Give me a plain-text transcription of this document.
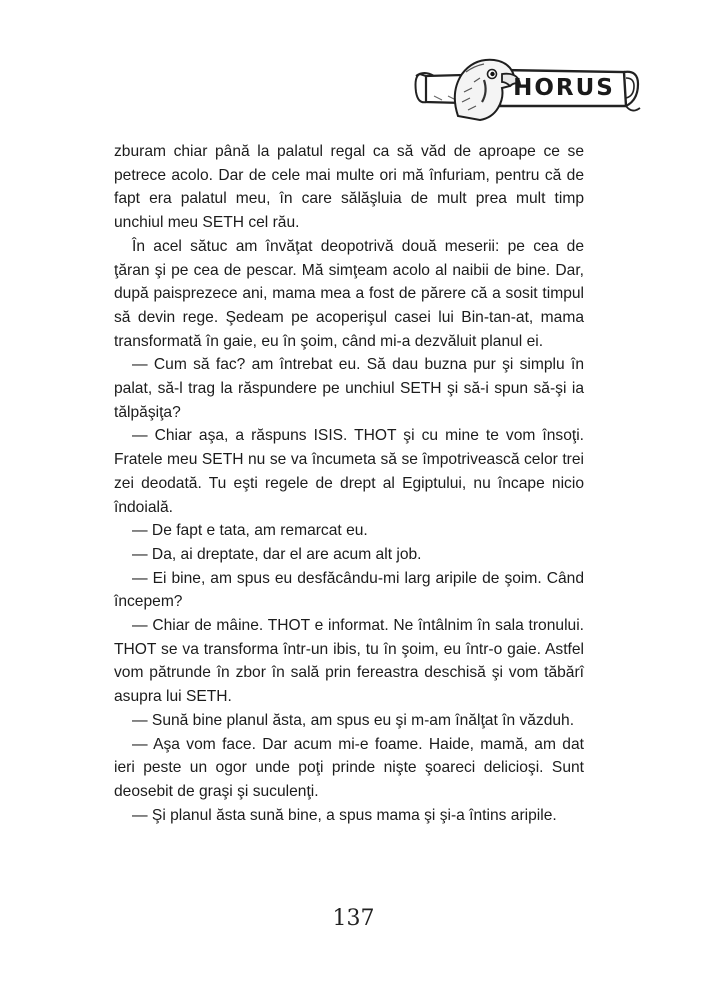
HORUS

zburam chiar până la palatul regal ca să văd de aproape ce se petrece acolo. Dar de cele mai multe ori mă înfuriam, pentru că de fapt era palatul meu, în care sălăşluia de mult prea mult timp unchiul meu SETH cel rău.

În acel sătuc am învăţat deopotrivă două meserii: pe cea de ţăran şi pe cea de pescar. Mă simţeam acolo al naibii de bine. Dar, după paisprezece ani, mama mea a fost de părere că a sosit timpul să devin rege. Şedeam pe acoperişul casei lui Bin-tan-at, mama transformată în gaie, eu în şoim, când mi-a dezvăluit planul ei.

— Cum să fac? am întrebat eu. Să dau buzna pur şi simplu în palat, să-l trag la răspundere pe unchiul SETH şi să-i spun să-şi ia tălpăşiţa?

— Chiar aşa, a răspuns ISIS. THOT şi cu mine te vom însoţi. Fratele meu SETH nu se va încumeta să se împotrivească celor trei zei deodată. Tu eşti regele de drept al Egiptului, nu încape nicio îndoială.

— De fapt e tata, am remarcat eu.

— Da, ai dreptate, dar el are acum alt job.

— Ei bine, am spus eu desfăcându-mi larg aripile de şoim. Când începem?

— Chiar de mâine. THOT e informat. Ne întâlnim în sala tronului. THOT se va transforma într-un ibis, tu în şoim, eu într-o gaie. Astfel vom pătrunde în zbor în sală prin fereastra deschisă şi vom tăbărî asupra lui SETH.

— Sună bine planul ăsta, am spus eu şi m-am înălţat în văzduh.

— Aşa vom face. Dar acum mi-e foame. Haide, mamă, am dat ieri peste un ogor unde poţi prinde nişte şoareci delicioşi. Sunt deosebit de graşi şi suculenţi.

— Şi planul ăsta sună bine, a spus mama şi şi-a întins aripile.

137
